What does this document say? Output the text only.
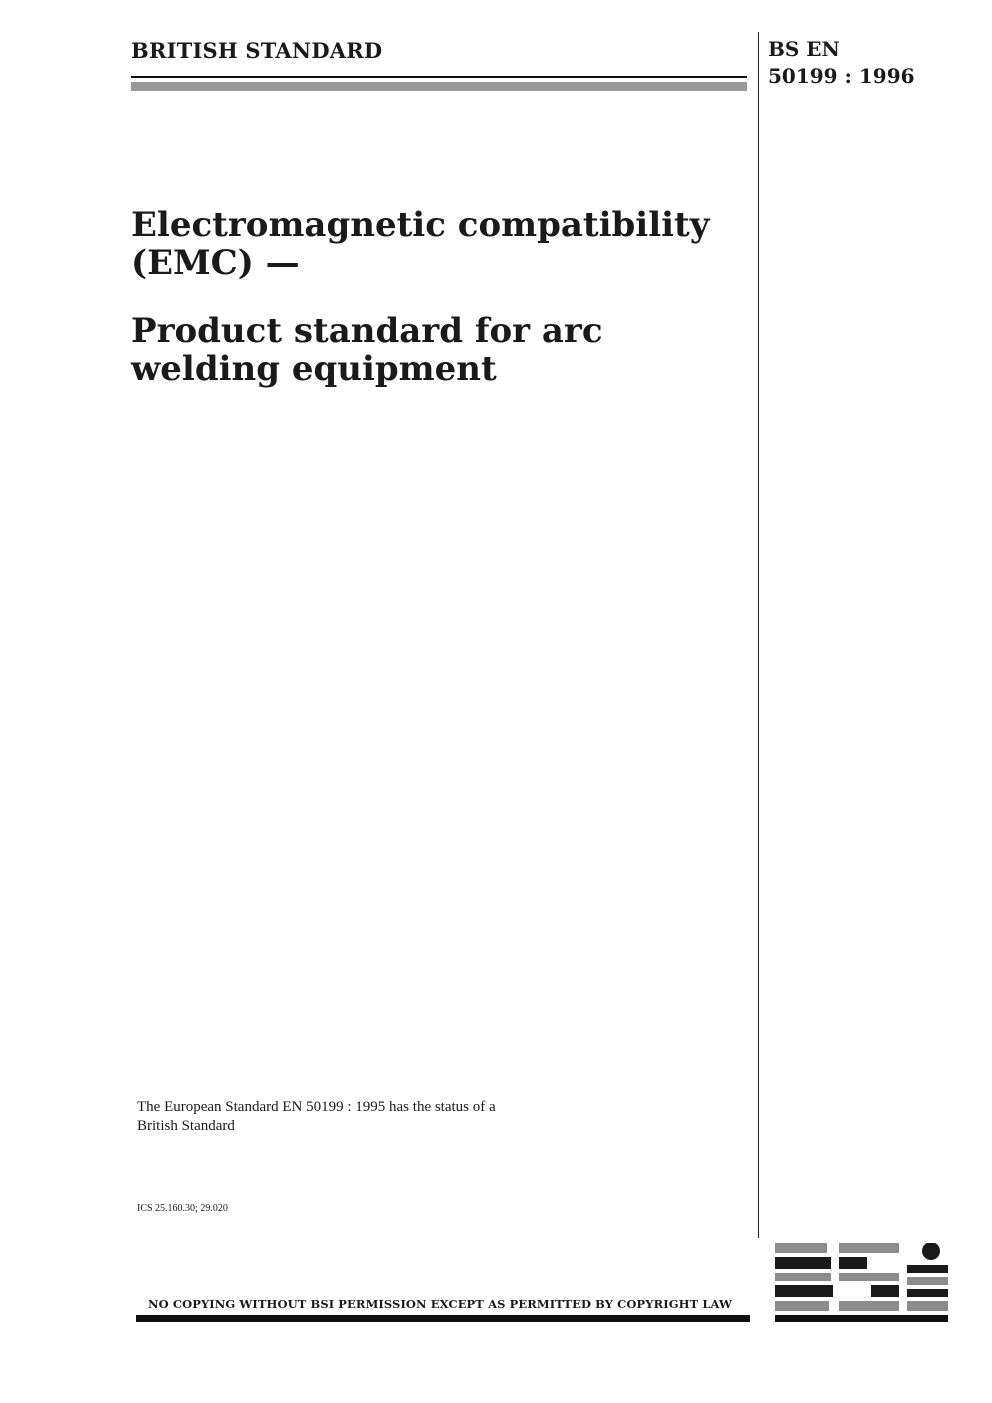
BRITISH STANDARD	BS EN
50199 : 1996

Electromagnetic compatibility

(EMC) —

Product standard for arc

welding equipment

The European Standard EN 50199 : 1995 has the status of a
British Standard
ICS 25.160.30; 29.020
NO COPYING WITHOUT BSI PERMISSION EXCEPT AS PERMITTED BY COPYRIGHT LAW
